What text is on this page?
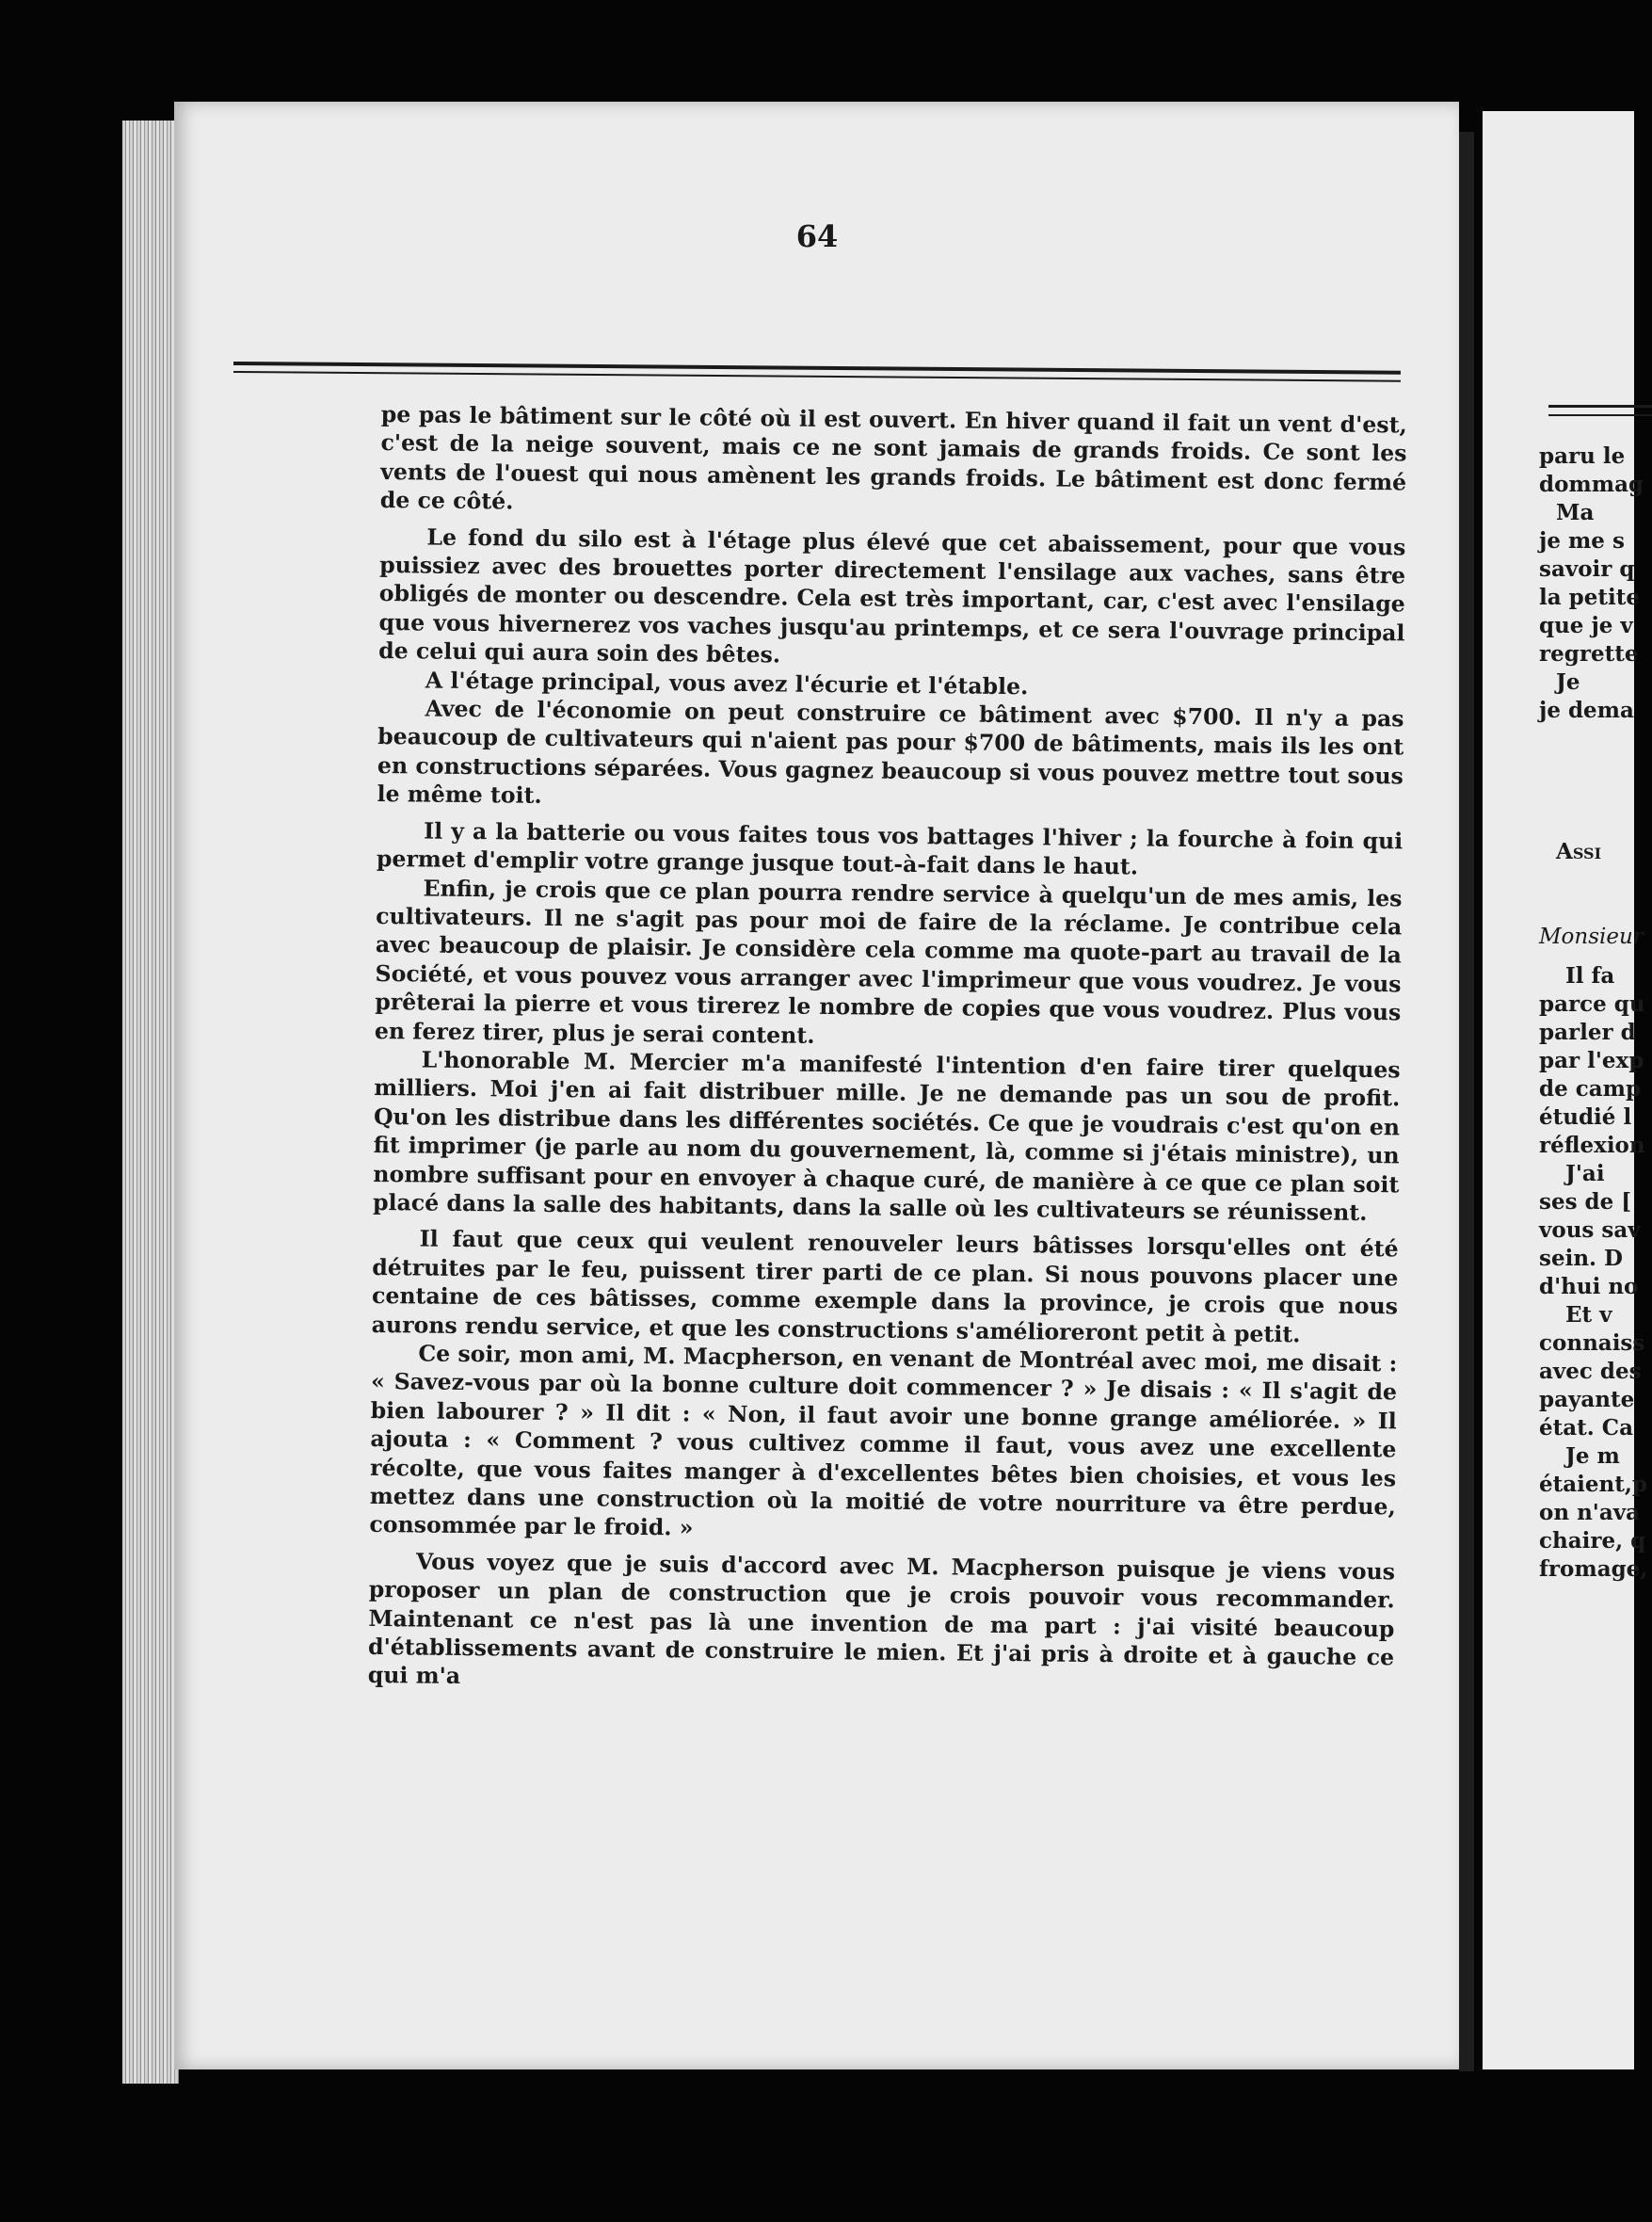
64

pe pas le bâtiment sur le côté où il est ouvert. En hiver quand il fait un vent d'est, c'est de la neige souvent, mais ce ne sont jamais de grands froids. Ce sont les vents de l'ouest qui nous amènent les grands froids. Le bâtiment est donc fermé de ce côté.

Le fond du silo est à l'étage plus élevé que cet abaissement, pour que vous puissiez avec des brouettes porter directement l'ensilage aux vaches, sans être obligés de monter ou descendre. Cela est très important, car, c'est avec l'ensilage que vous hivernerez vos vaches jusqu'au printemps, et ce sera l'ouvrage principal de celui qui aura soin des bêtes.

A l'étage principal, vous avez l'écurie et l'étable.

Avec de l'économie on peut construire ce bâtiment avec $700. Il n'y a pas beaucoup de cultivateurs qui n'aient pas pour $700 de bâtiments, mais ils les ont en constructions séparées. Vous gagnez beaucoup si vous pouvez mettre tout sous le même toit.

Il y a la batterie ou vous faites tous vos battages l'hiver ; la fourche à foin qui permet d'emplir votre grange jusque tout-à-fait dans le haut.

Enfin, je crois que ce plan pourra rendre service à quelqu'un de mes amis, les cultivateurs. Il ne s'agit pas pour moi de faire de la réclame. Je contribue cela avec beaucoup de plaisir. Je considère cela comme ma quote-part au travail de la Société, et vous pouvez vous arranger avec l'imprimeur que vous voudrez. Je vous prêterai la pierre et vous tirerez le nombre de copies que vous voudrez. Plus vous en ferez tirer, plus je serai content.

L'honorable M. Mercier m'a manifesté l'intention d'en faire tirer quelques milliers. Moi j'en ai fait distribuer mille. Je ne demande pas un sou de profit. Qu'on les distribue dans les différentes sociétés. Ce que je voudrais c'est qu'on en fit imprimer (je parle au nom du gouvernement, là, comme si j'étais ministre), un nombre suffisant pour en envoyer à chaque curé, de manière à ce que ce plan soit placé dans la salle des habitants, dans la salle où les cultivateurs se réunissent.

Il faut que ceux qui veulent renouveler leurs bâtisses lorsqu'elles ont été détruites par le feu, puissent tirer parti de ce plan. Si nous pouvons placer une centaine de ces bâtisses, comme exemple dans la province, je crois que nous aurons rendu service, et que les constructions s'amélioreront petit à petit.

Ce soir, mon ami, M. Macpherson, en venant de Montréal avec moi, me disait : « Savez-vous par où la bonne culture doit commencer ? » Je disais : « Il s'agit de bien labourer ? » Il dit : « Non, il faut avoir une bonne grange améliorée. » Il ajouta : « Comment ? vous cultivez comme il faut, vous avez une excellente récolte, que vous faites manger à d'excellentes bêtes bien choisies, et vous les mettez dans une construction où la moitié de votre nourriture va être perdue, consommée par le froid. »

Vous voyez que je suis d'accord avec M. Macpherson puisque je viens vous proposer un plan de construction que je crois pouvoir vous recommander. Maintenant ce n'est pas là une invention de ma part : j'ai visité beaucoup d'établissements avant de construire le mien. Et j'ai pris à droite et à gauche ce qui m'a

paru le
dommag
Ma
je me s
savoir q
la petite
que je v
regrette
Je
je dema
Assi
Monsieur
Il fa
parce qu
parler d
par l'exp
de camp
étudié l
réflexion
J'ai
ses de [
vous sav
sein. D
d'hui no
Et v
connaiss
avec des
payante
état. Ca
Je m
étaient,p
on n'ava
chaire, q
fromage,
